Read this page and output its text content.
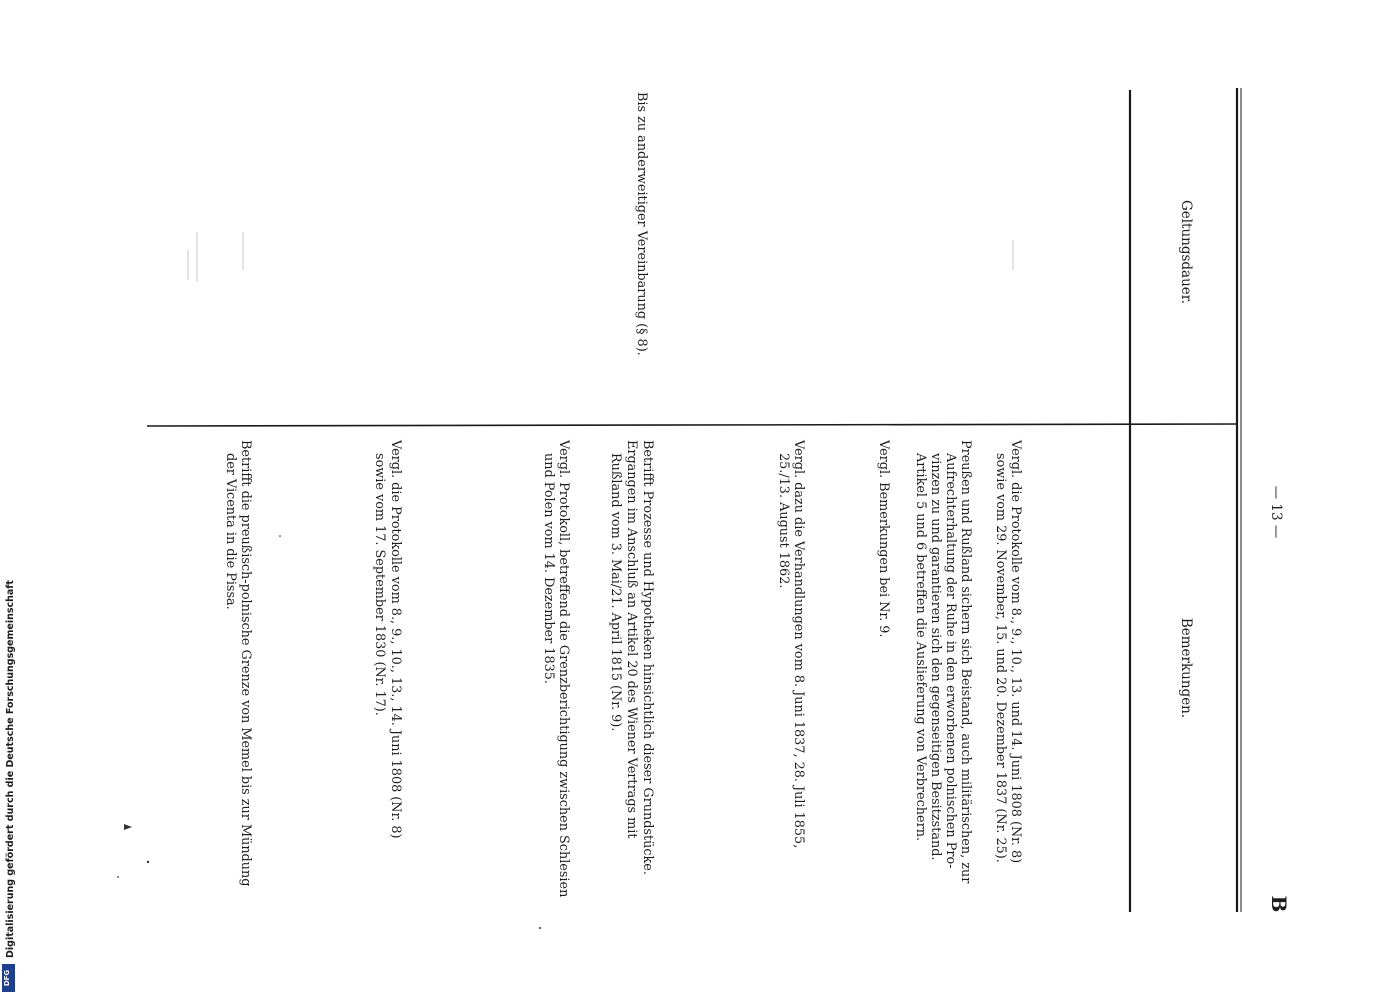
— 13 —
B
Bemerkungen.
Geltungsdauer.
Vergl. die Protokolle vom 8., 9., 10., 13. und 14. Juni 1808 (Nr. 8)
sowie vom 29. November, 15. und 20. Dezember 1837 (Nr. 25).
Preußen und Rußland sichern sich Beistand, auch militärischen, zur
Aufrechterhaltung der Ruhe in den erworbenen polnischen Pro-
vinzen zu und garantieren sich den gegenseitigen Besitzstand.
Artikel 5 und 6 betreffen die Auslieferung von Verbrechern.
Vergl. Bemerkungen bei Nr. 9.
Vergl. dazu die Verhandlungen vom 8. Juni 1837, 28. Juli 1855,
25./13. August 1862.
Betrifft Prozesse und Hypotheken hinsichtlich dieser Grundstücke.
Ergangen im Anschluß an Artikel 20 des Wiener Vertrags mit
Rußland vom 3. Mai/21. April 1815 (Nr. 9).
Vergl. Protokoll, betreffend die Grenzberichtigung zwischen Schlesien
und Polen vom 14. Dezember 1835.
Vergl. die Protokolle vom 8., 9., 10., 13., 14. Juni 1808 (Nr. 8)
sowie vom 17. September 1830 (Nr. 17).
Betrifft die preußisch-polnische Grenze von Memel bis zur Mündung
der Vicenta in die Pissa.
Bis zu anderweitiger Vereinbarung (§ 8).
DFG
Digitalisierung gefördert durch die Deutsche Forschungsgemeinschaft
